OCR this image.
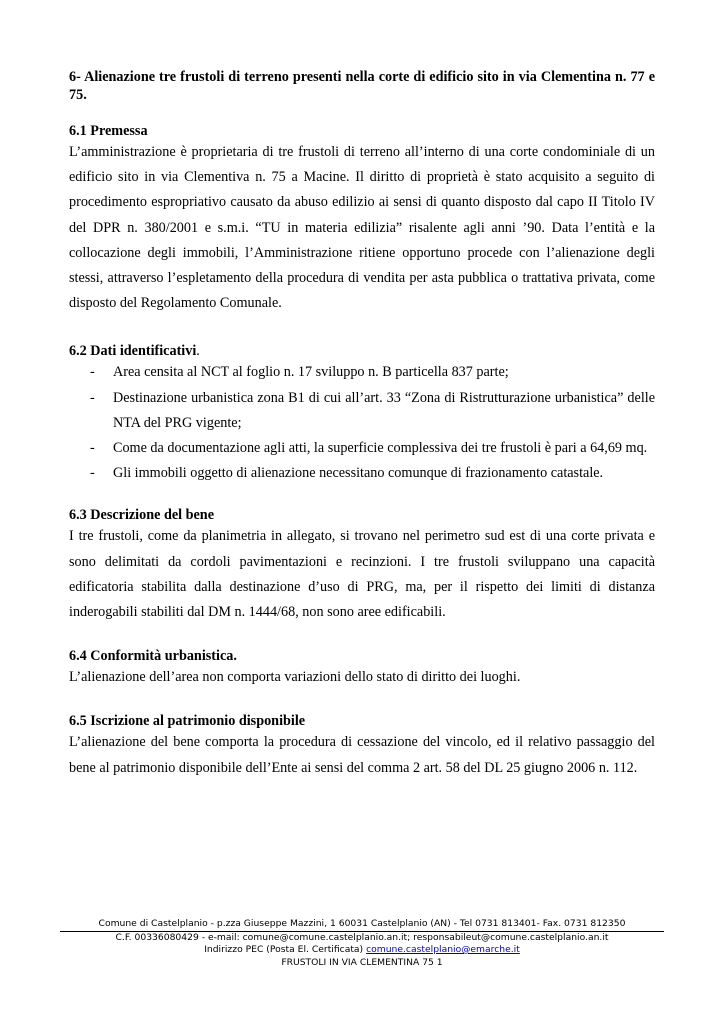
6- Alienazione tre frustoli di terreno presenti nella corte di edificio sito in via Clementina n. 77 e 75.

6.1 Premessa

L’amministrazione è proprietaria di tre frustoli di terreno all’interno di una corte condominiale di un edificio sito in via Clementiva n. 75 a Macine. Il diritto di proprietà è stato acquisito a seguito di procedimento espropriativo causato da abuso edilizio ai sensi di quanto disposto dal capo II Titolo IV del DPR n. 380/2001 e s.m.i. “TU in materia edilizia” risalente agli anni ’90. Data l’entità e la collocazione degli immobili, l’Amministrazione ritiene opportuno procede con l’alienazione degli stessi, attraverso l’espletamento della procedura di vendita per asta pubblica o trattativa privata, come disposto del Regolamento Comunale.

6.2 Dati identificativi.

- Area censita al NCT al foglio n. 17 sviluppo n. B particella 837 parte;
- Destinazione urbanistica zona B1 di cui all’art. 33 “Zona di Ristrutturazione urbanistica” delle NTA del PRG vigente;
- Come da documentazione agli atti, la superficie complessiva dei tre frustoli è pari a 64,69 mq.
- Gli immobili oggetto di alienazione necessitano comunque di frazionamento catastale.

6.3 Descrizione del bene

I tre frustoli, come da planimetria in allegato, si trovano nel perimetro sud est di una corte privata e sono delimitati da cordoli pavimentazioni e recinzioni. I tre frustoli sviluppano una capacità edificatoria stabilita dalla destinazione d’uso di PRG, ma, per il rispetto dei limiti di distanza inderogabili stabiliti dal DM n. 1444/68, non sono aree edificabili.

6.4 Conformità urbanistica.

L’alienazione dell’area non comporta variazioni dello stato di diritto dei luoghi.

6.5 Iscrizione al patrimonio disponibile

L’alienazione del bene comporta la procedura di cessazione del vincolo, ed il relativo passaggio del bene al patrimonio disponibile dell’Ente ai sensi del comma 2 art. 58 del DL 25 giugno 2006 n. 112.

Comune di Castelplanio - p.zza Giuseppe Mazzini, 1 60031 Castelplanio (AN) - Tel 0731 813401- Fax. 0731 812350
C.F. 00336080429 - e-mail: comune@comune.castelplanio.an.it; responsabileut@comune.castelplanio.an.it
Indirizzo PEC (Posta El. Certificata) comune.castelplanio@emarche.it
FRUSTOLI IN VIA CLEMENTINA 75 1
